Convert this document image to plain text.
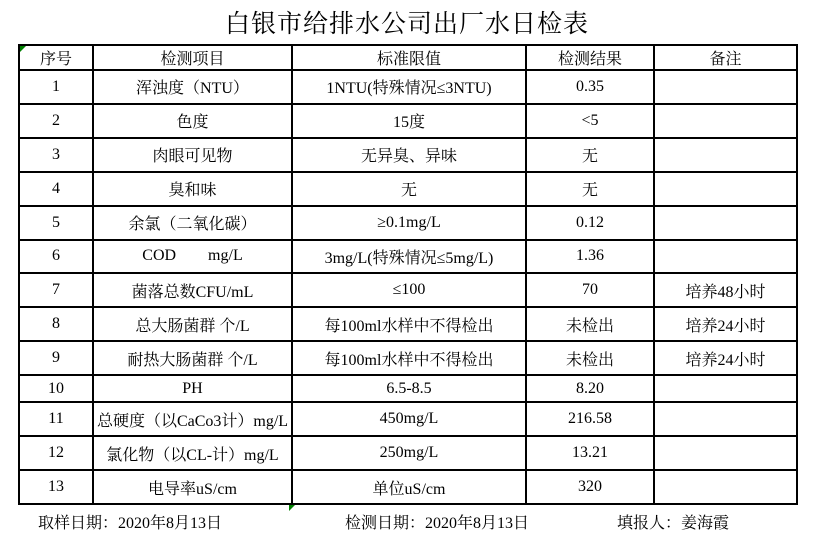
白银市给排水公司出厂水日检表
序号	检测项目	标准限值	检测结果	备注
1	浑浊度（NTU）	1NTU(特殊情况≤3NTU)	0.35	
2	色度	15度	<5	
3	肉眼可见物	无异臭、异味	无	
4	臭和味	无	无	
5	余氯（二氧化碳）	≥0.1mg/L	0.12	
6	COD        mg/L	3mg/L(特殊情况≤5mg/L)	1.36	
7	菌落总数CFU/mL	≤100	70	培养48小时
8	总大肠菌群 个/L	每100ml水样中不得检出	未检出	培养24小时
9	耐热大肠菌群 个/L	每100ml水样中不得检出	未检出	培养24小时
10	PH	6.5-8.5	8.20	
11	总硬度（以CaCo3计）mg/L	450mg/L	216.58	
12	氯化物（以CL-计）mg/L	250mg/L	13.21	
13	电导率uS/cm	单位uS/cm	320	
取样日期：2020年8月13日	检测日期：2020年8月13日	填报人：姜海霞
